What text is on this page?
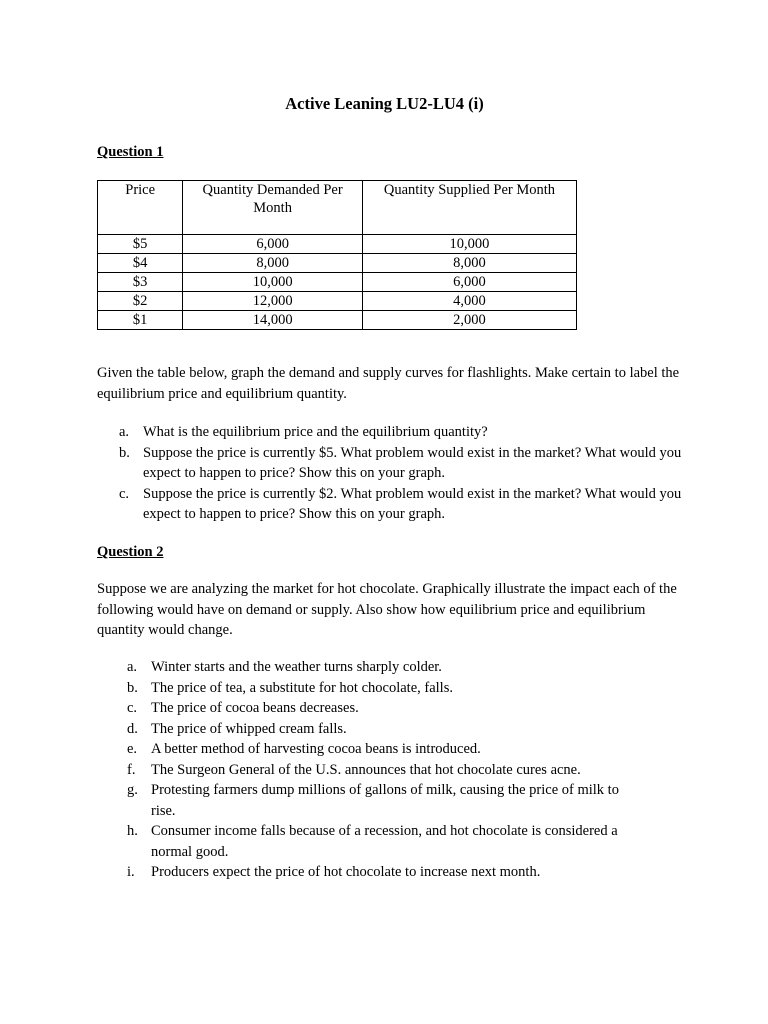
Active Leaning LU2-LU4 (i)
Question 1
Price	Quantity Demanded Per Month	Quantity Supplied Per Month
$5	6,000	10,000
$4	8,000	8,000
$3	10,000	6,000
$2	12,000	4,000
$1	14,000	2,000

Given the table below, graph the demand and supply curves for flashlights. Make certain to label the equilibrium price and equilibrium quantity.

a. What is the equilibrium price and the equilibrium quantity?
b. Suppose the price is currently $5. What problem would exist in the market? What would you expect to happen to price? Show this on your graph.
c. Suppose the price is currently $2. What problem would exist in the market? What would you expect to happen to price? Show this on your graph.
Question 2

Suppose we are analyzing the market for hot chocolate. Graphically illustrate the impact each of the following would have on demand or supply. Also show how equilibrium price and equilibrium quantity would change.

a. Winter starts and the weather turns sharply colder.
b. The price of tea, a substitute for hot chocolate, falls.
c. The price of cocoa beans decreases.
d. The price of whipped cream falls.
e. A better method of harvesting cocoa beans is introduced.
f. The Surgeon General of the U.S. announces that hot chocolate cures acne.
g. Protesting farmers dump millions of gallons of milk, causing the price of milk to rise.
h. Consumer income falls because of a recession, and hot chocolate is considered a normal good.
i. Producers expect the price of hot chocolate to increase next month.
